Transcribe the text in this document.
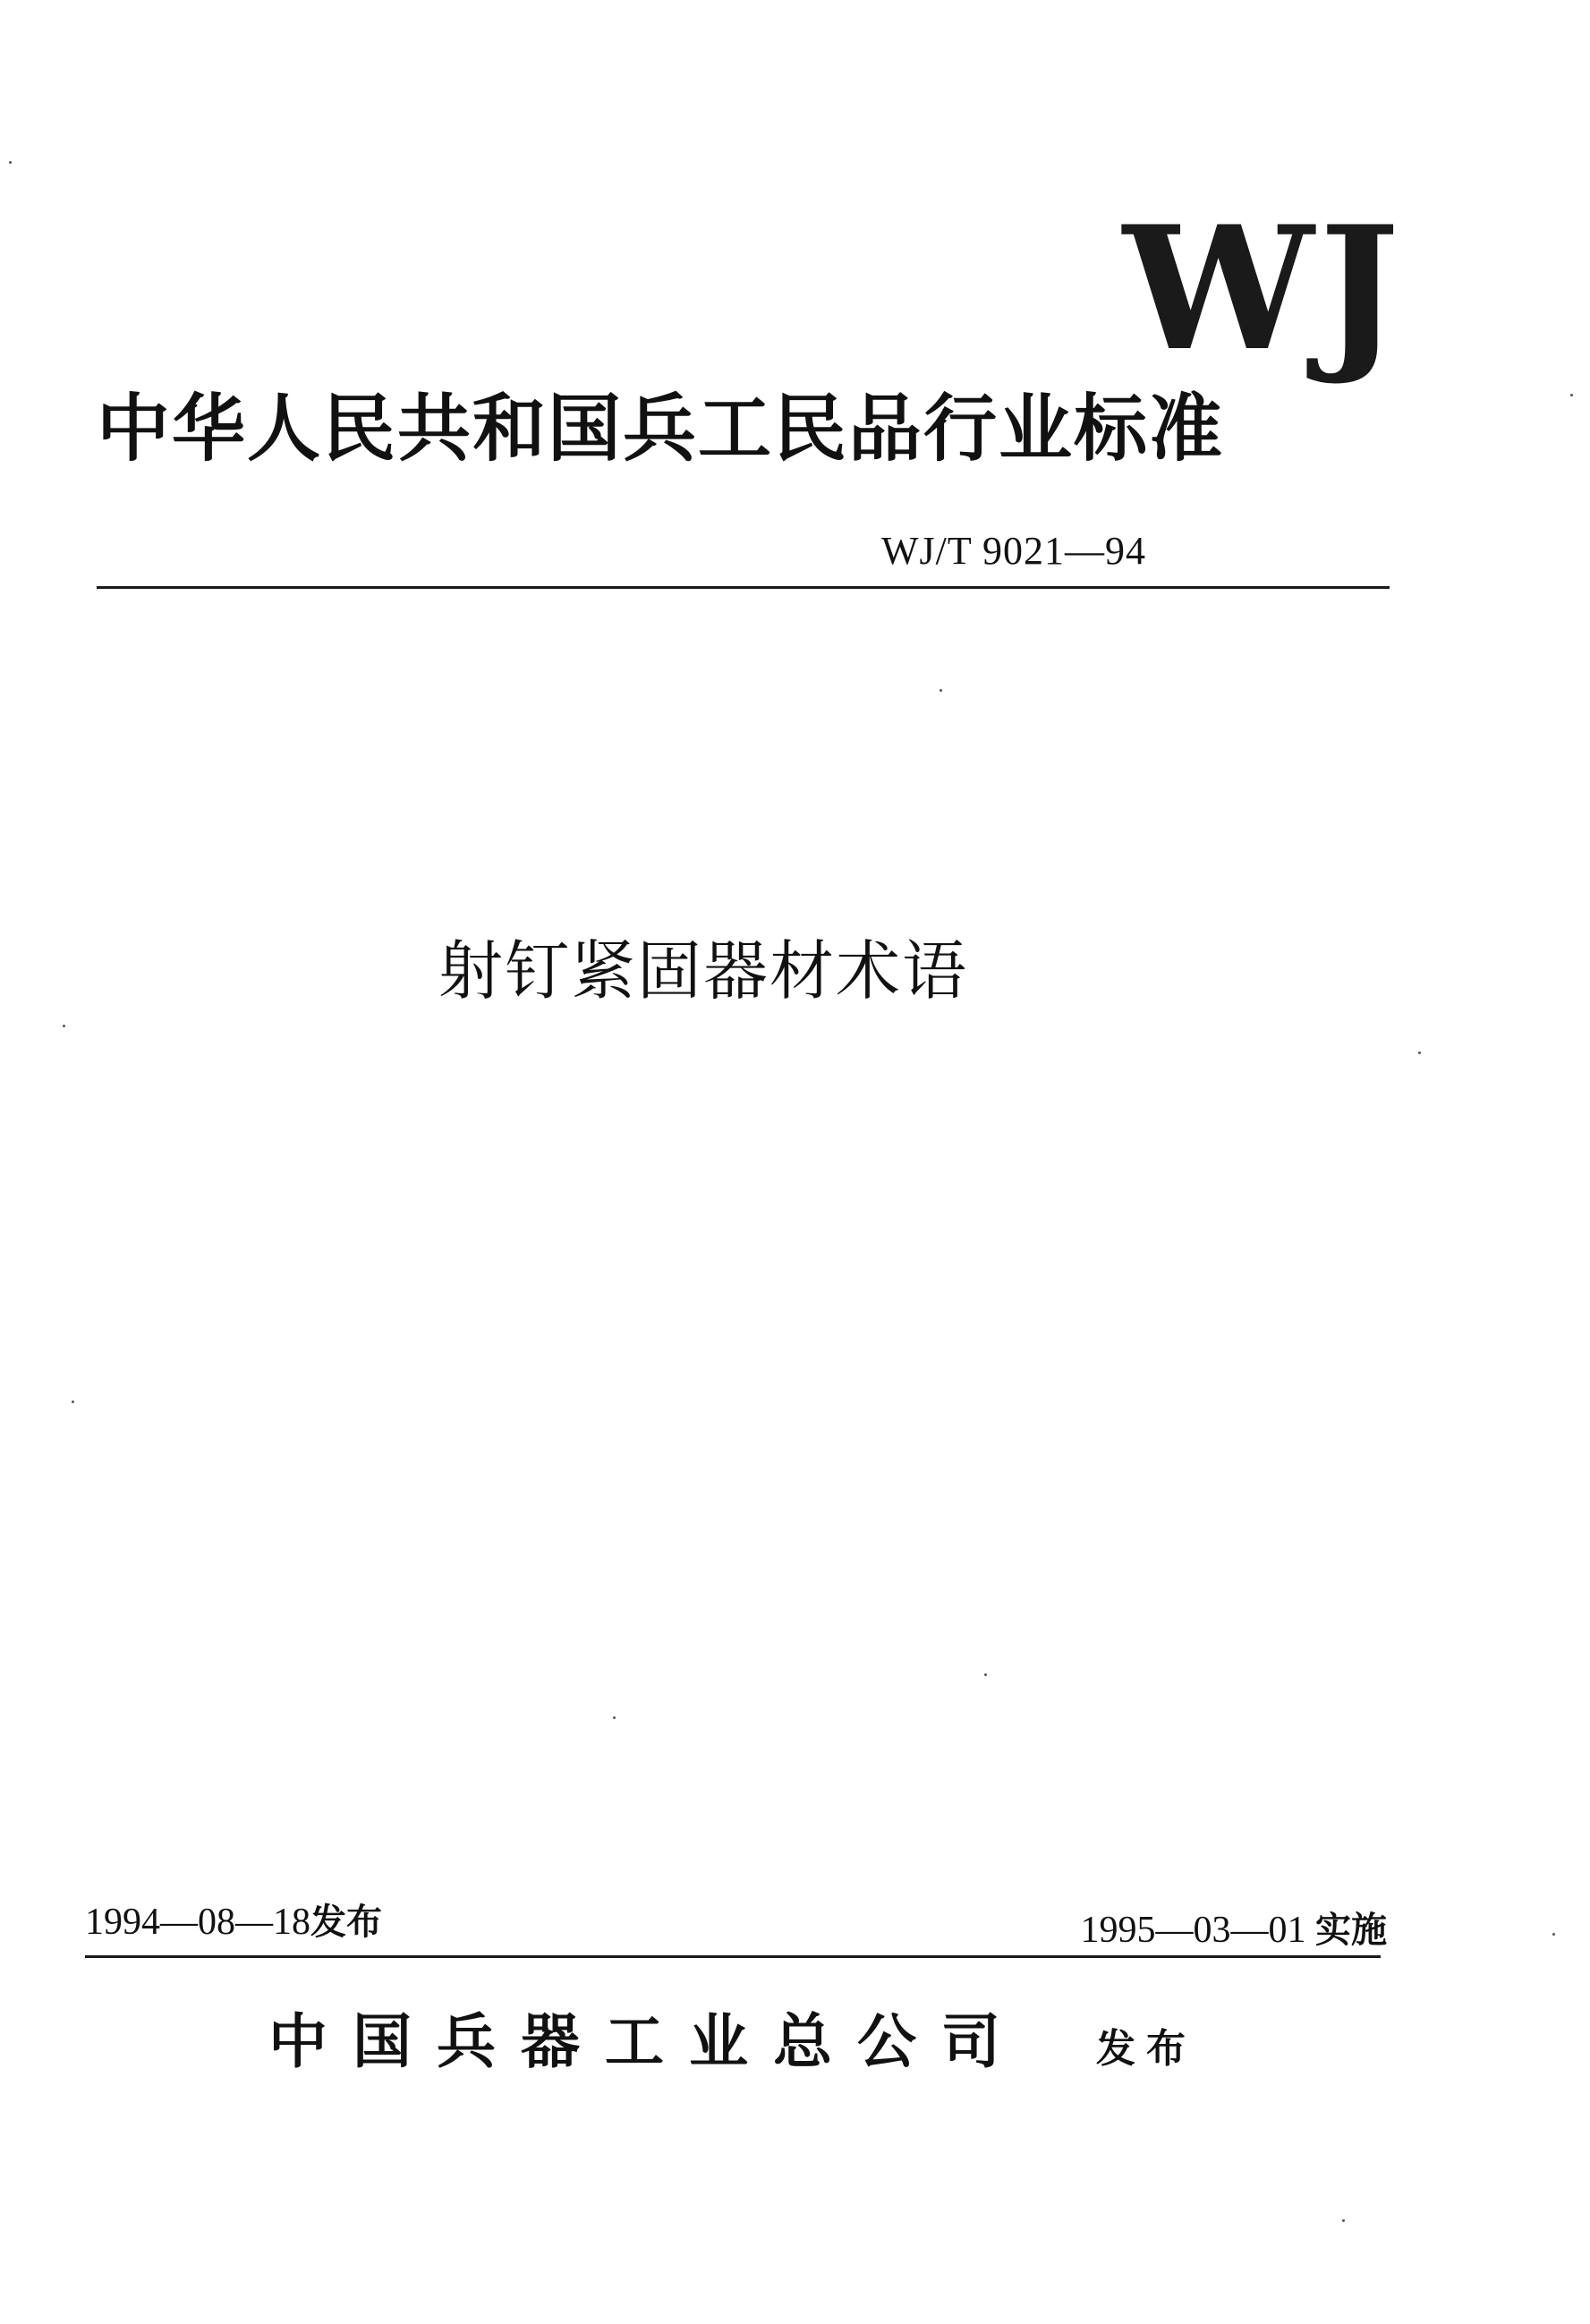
WJ
中华人民共和国兵工民品行业标准
WJ/T 9021—94
射钉紧固器材术语
1994—08—18发布	1995—03—01 实施
中国兵器工业总公司	发布
